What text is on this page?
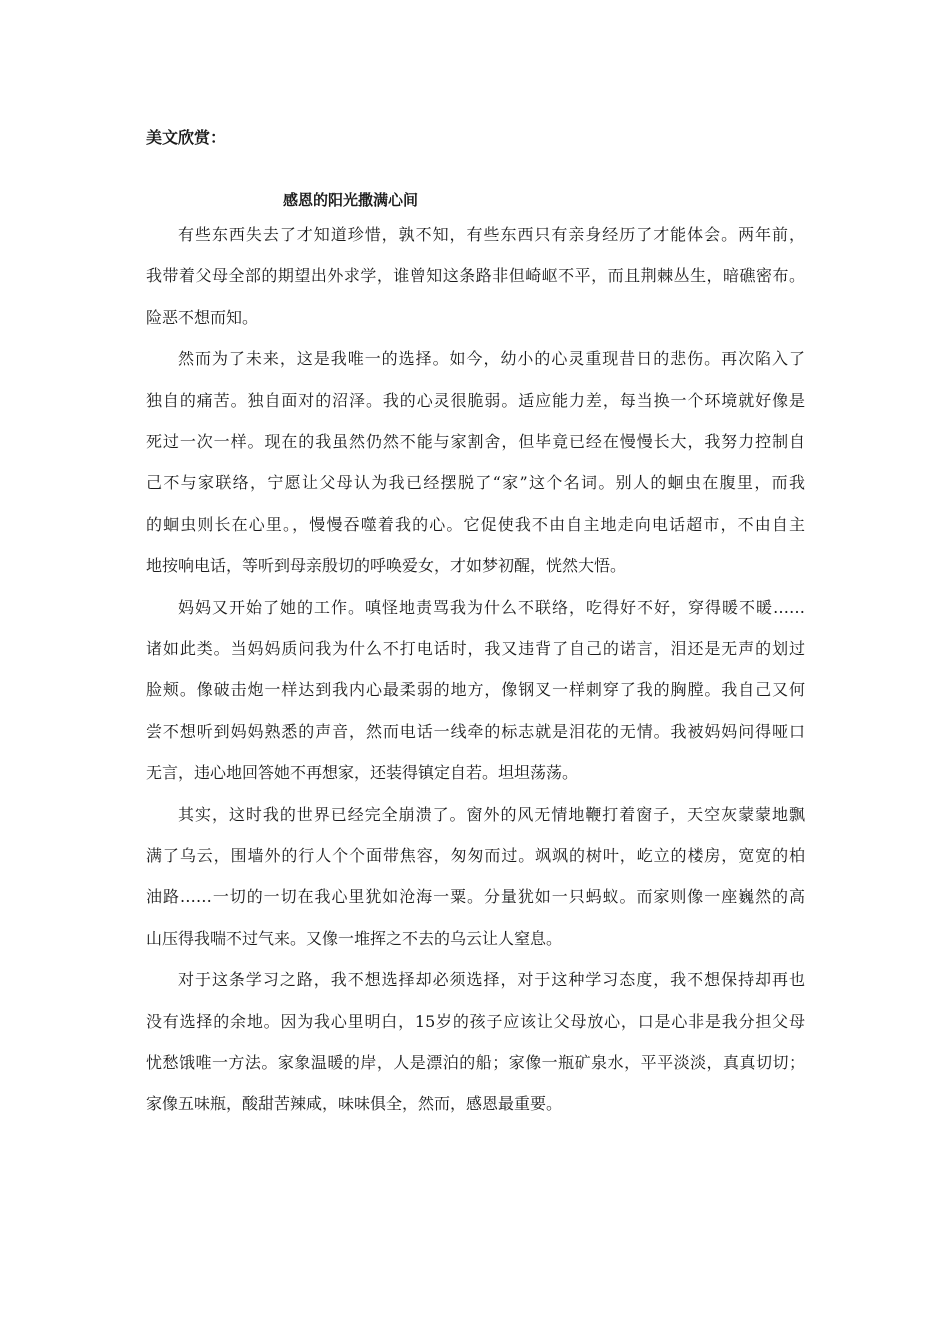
美文欣赏：
感恩的阳光撒满心间
有些东西失去了才知道珍惜，孰不知，有些东西只有亲身经历了才能体会。两年前，
我带着父母全部的期望出外求学，谁曾知这条路非但崎岖不平，而且荆棘丛生，暗礁密布。
险恶不想而知。
然而为了未来，这是我唯一的选择。如今，幼小的心灵重现昔日的悲伤。再次陷入了
独自的痛苦。独自面对的沼泽。我的心灵很脆弱。适应能力差，每当换一个环境就好像是
死过一次一样。现在的我虽然仍然不能与家割舍，但毕竟已经在慢慢长大，我努力控制自
己不与家联络，宁愿让父母认为我已经摆脱了“家”这个名词。别人的蛔虫在腹里，而我
的蛔虫则长在心里。，慢慢吞噬着我的心。它促使我不由自主地走向电话超市，不由自主
地按响电话，等听到母亲殷切的呼唤爱女，才如梦初醒，恍然大悟。
妈妈又开始了她的工作。嗔怪地责骂我为什么不联络，吃得好不好，穿得暖不暖……
诸如此类。当妈妈质问我为什么不打电话时，我又违背了自己的诺言，泪还是无声的划过
脸颊。像破击炮一样达到我内心最柔弱的地方，像钢叉一样刺穿了我的胸膛。我自己又何
尝不想听到妈妈熟悉的声音，然而电话一线牵的标志就是泪花的无情。我被妈妈问得哑口
无言，违心地回答她不再想家，还装得镇定自若。坦坦荡荡。
其实，这时我的世界已经完全崩溃了。窗外的风无情地鞭打着窗子，天空灰蒙蒙地飘
满了乌云，围墙外的行人个个面带焦容，匆匆而过。飒飒的树叶，屹立的楼房，宽宽的柏
油路……一切的一切在我心里犹如沧海一粟。分量犹如一只蚂蚁。而家则像一座巍然的高
山压得我喘不过气来。又像一堆挥之不去的乌云让人窒息。
对于这条学习之路，我不想选择却必须选择，对于这种学习态度，我不想保持却再也
没有选择的余地。因为我心里明白，15岁的孩子应该让父母放心，口是心非是我分担父母
忧愁饿唯一方法。家象温暖的岸，人是漂泊的船；家像一瓶矿泉水，平平淡淡，真真切切；
家像五味瓶，酸甜苦辣咸，味味俱全，然而，感恩最重要。
